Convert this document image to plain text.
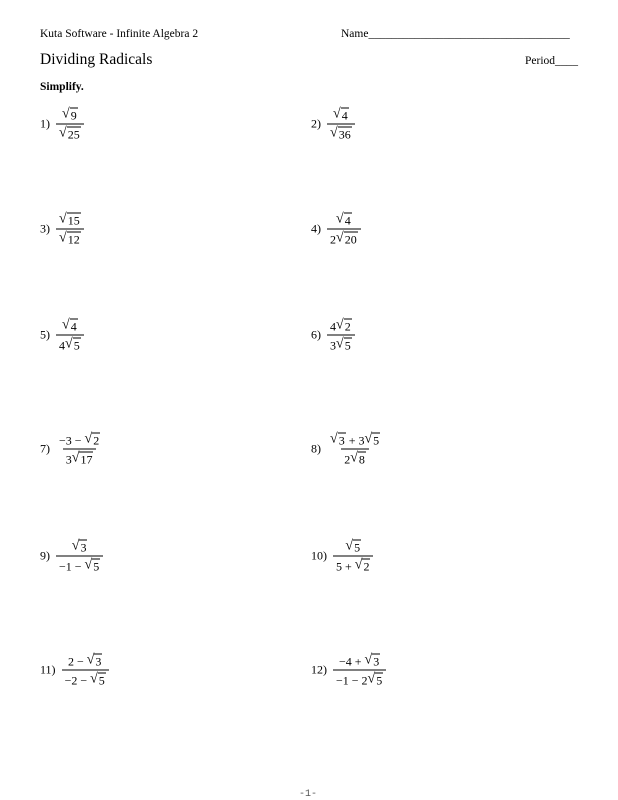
Kuta Software - Infinite Algebra 2	Name___________________________________
Dividing Radicals	Period____
Simplify.
$1) \frac{√ 9}{√ 25}$	$2) \frac{√ 4}{√ 36}$
$3) \frac{√ 15}{√ 12}$	$4) \frac{√ 4}{2 √ 20}$
$5) \frac{√ 4}{4 √ 5}$	$6) \frac{4 √ 2}{3 √ 5}$
$7) \frac{-3 - √ 2}{3 √ 17}$	$8) \frac{√ 3 + 3 √ 5}{2 √ 8}$
$9) \frac{√ 3}{-1 - √ 5}$	$10) \frac{√ 5}{5 + √ 2}$
$11) \frac{2 - √ 3}{-2 - √ 5}$	$12) \frac{-4 + √ 3}{-1 - 2 √ 5}$
-1-
